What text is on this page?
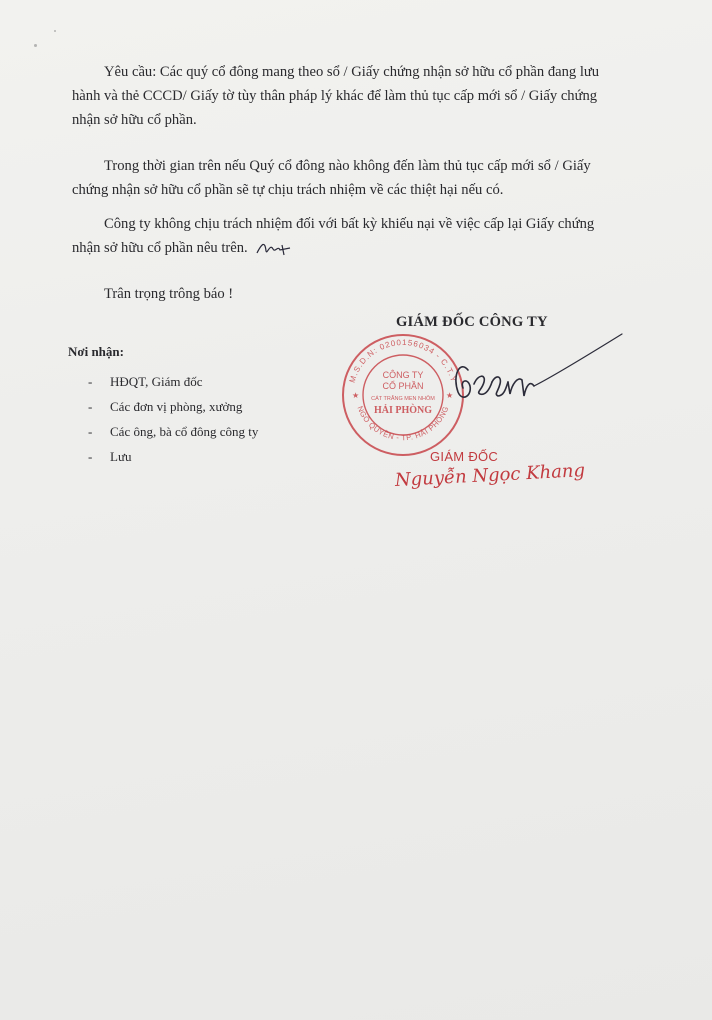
Yêu cầu: Các quý cổ đông mang theo sổ / Giấy chứng nhận sở hữu cổ phần đang lưu hành và thẻ CCCD/ Giấy tờ tùy thân pháp lý khác để làm thủ tục cấp mới sổ / Giấy chứng nhận sở hữu cổ phần.

Trong thời gian trên nếu Quý cổ đông nào không đến làm thủ tục cấp mới sổ / Giấy chứng nhận sở hữu cổ phần sẽ tự chịu trách nhiệm về các thiệt hại nếu có.

Công ty không chịu trách nhiệm đối với bất kỳ khiếu nại về việc cấp lại Giấy chứng nhận sở hữu cổ phần nêu trên.

Trân trọng trông báo !
GIÁM ĐỐC CÔNG TY
Nơi nhận:
- HĐQT, Giám đốc
- Các đơn vị phòng, xưởng
- Các ông, bà cổ đông công ty
- Lưu
M.S.D.N: 0200156034 - C.T.Y
NGÔ QUYỀN - TP. HẢI PHÒNG
CÔNG TY
CỔ PHẦN
CÁT TRẮNG MEN NHÔM
HẢI PHÒNG
★	★
GIÁM ĐỐC
Nguyễn Ngọc Khang
